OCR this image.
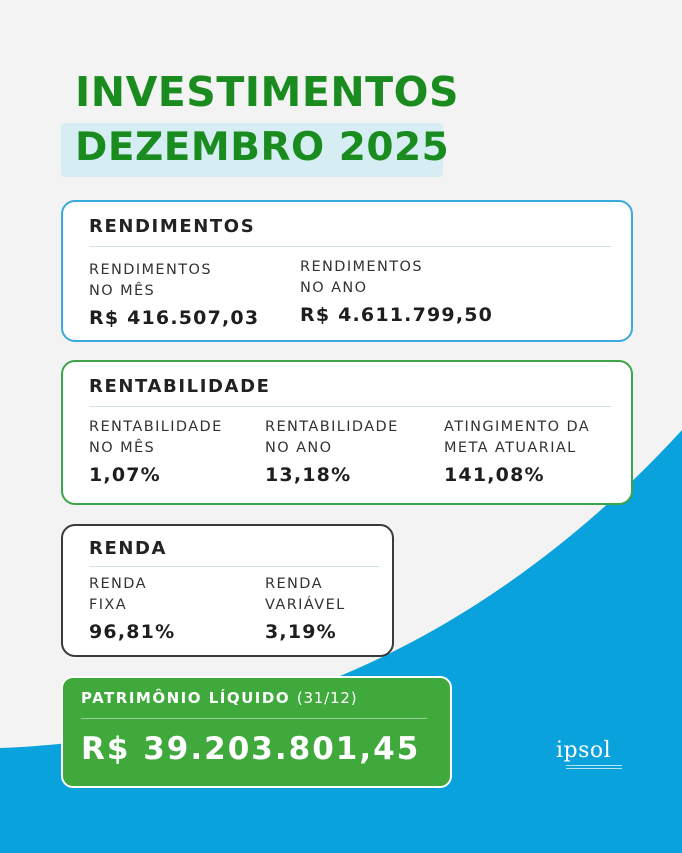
INVESTIMENTOS
DEZEMBRO 2025
RENDIMENTOS
RENDIMENTOS
NO MÊS
R$ 416.507,03
RENDIMENTOS
NO ANO
R$ 4.611.799,50
RENTABILIDADE
RENTABILIDADE
NO MÊS
1,07%
RENTABILIDADE
NO ANO
13,18%
ATINGIMENTO DA
META ATUARIAL
141,08%
RENDA
RENDA
FIXA
96,81%
RENDA
VARIÁVEL
3,19%
PATRIMÔNIO LÍQUIDO (31/12)
R$ 39.203.801,45	ipsol
